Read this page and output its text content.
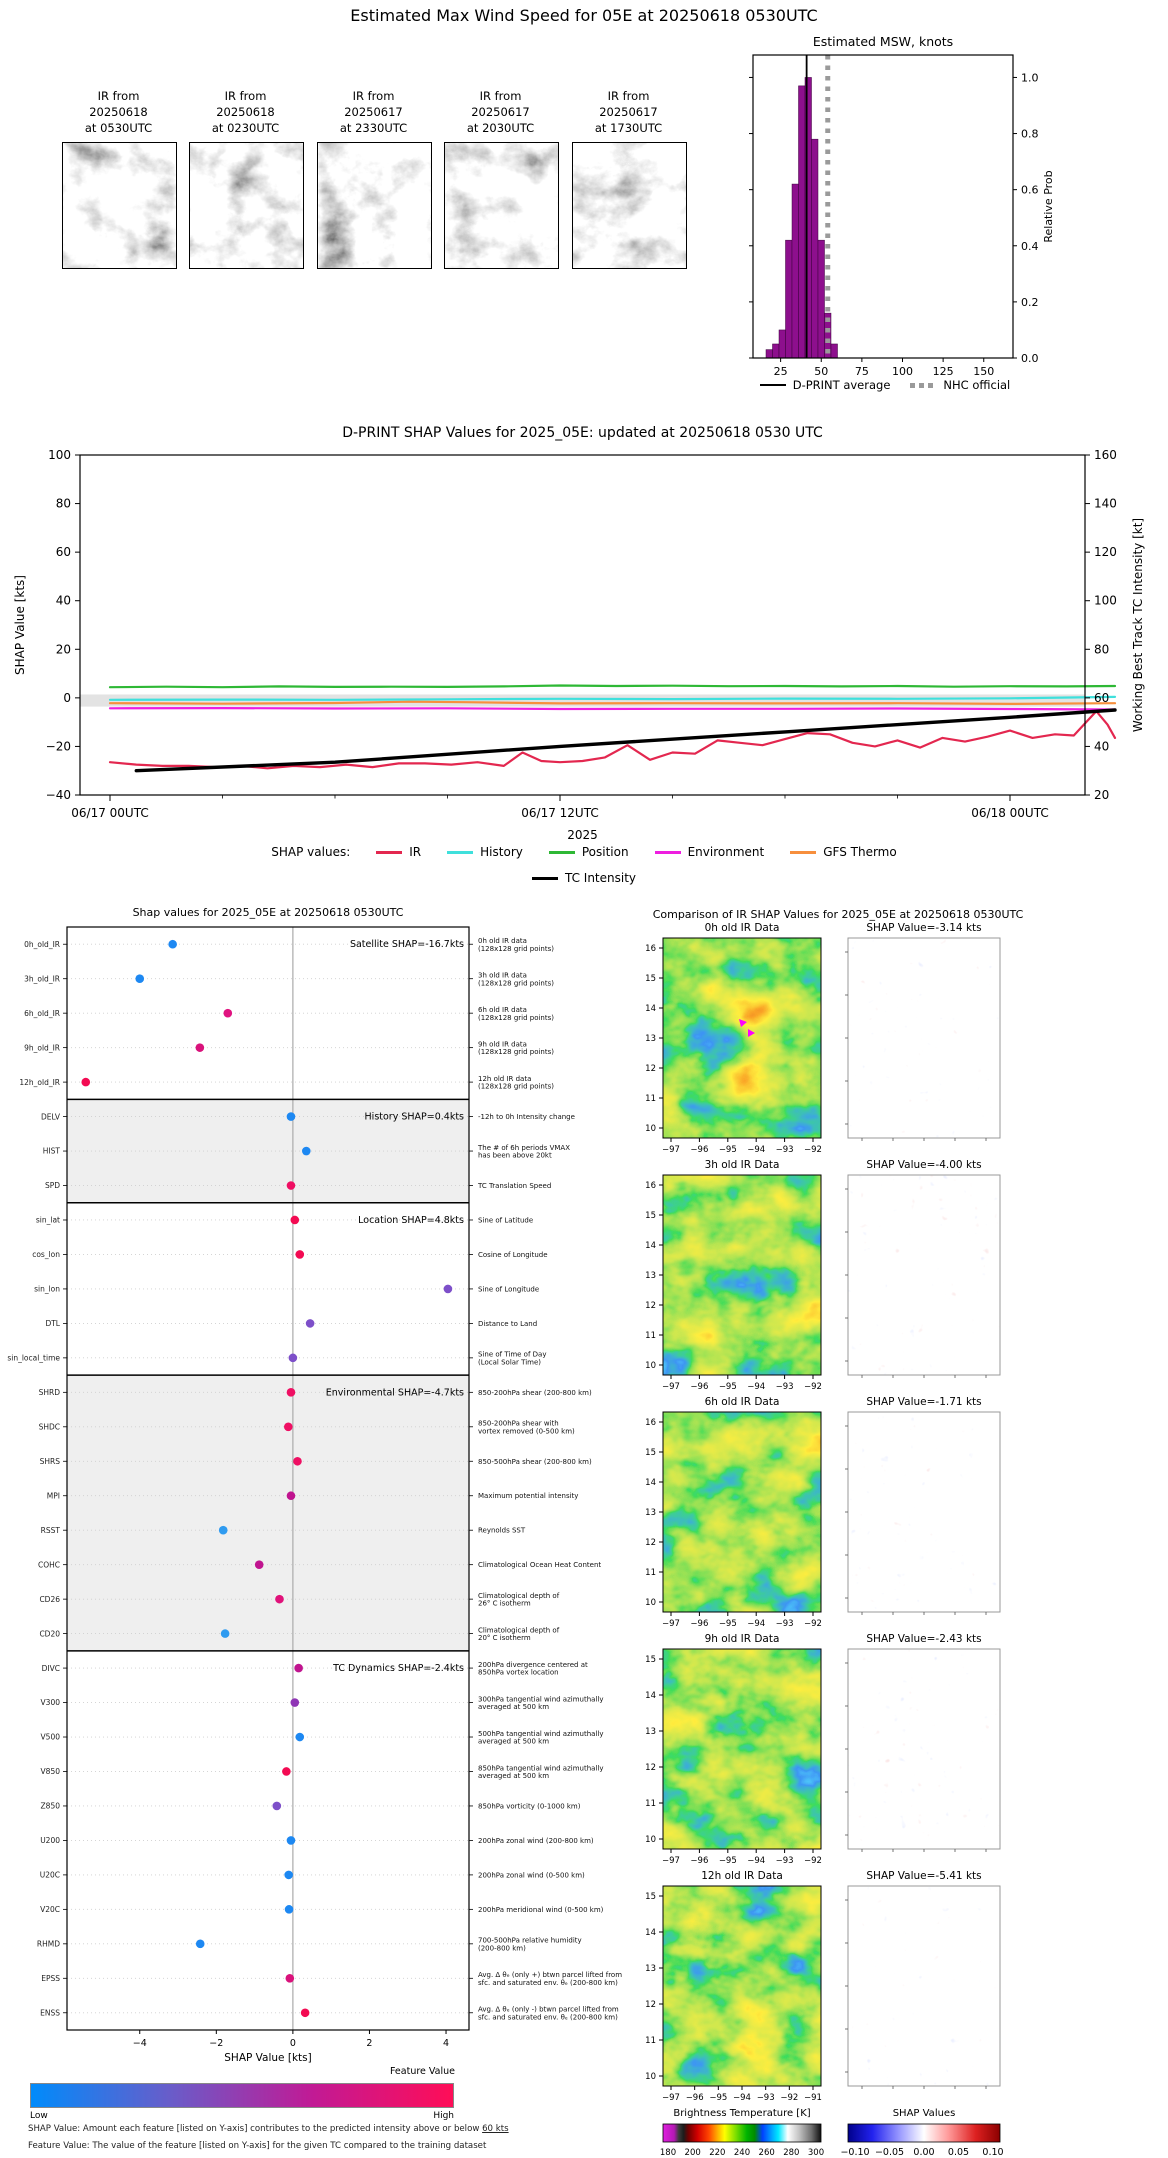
Estimated Max Wind Speed for 05E at 20250618 0530UTC
IR from
20250618
at 0530UTC
IR from
20250618
at 0230UTC
IR from
20250617
at 2330UTC
IR from
20250617
at 2030UTC
IR from
20250617
at 1730UTC
Estimated MSW, knots
0.0
0.2
0.4
0.6
0.8
1.0
25 50 75 100 125 150
Relative Prob
D-PRINT average	NHC official
D-PRINT SHAP Values for 2025_05E: updated at 20250618 0530 UTC
100
80
60
40
20
0
−20
−40
160
140
120
100
80
60
40
20
06/17 00UTC	06/17 12UTC	06/18 00UTC
2025
SHAP Value [kts]	Working Best Track TC Intensity [kt]
SHAP values:	IR	History	Position	Environment	GFS Thermo
TC Intensity
Shap values for 2025_05E at 20250618 0530UTC
0h_old_IR	0h old IR data
(128x128 grid points)
3h_old_IR	3h old IR data
(128x128 grid points)
6h_old_IR	6h old IR data
(128x128 grid points)
9h_old_IR	9h old IR data
(128x128 grid points)
12h_old_IR	12h old IR data
(128x128 grid points)
DELV	-12h to 0h Intensity change
HIST	The # of 6h periods VMAX
has been above 20kt
SPD	TC Translation Speed
sin_lat	Sine of Latitude
cos_lon	Cosine of Longitude
sin_lon	Sine of Longitude
DTL	Distance to Land
sin_local_time	Sine of Time of Day
(Local Solar Time)
SHRD	850-200hPa shear (200-800 km)
SHDC	850-200hPa shear with
vortex removed (0-500 km)
SHRS	850-500hPa shear (200-800 km)
MPI	Maximum potential intensity
RSST	Reynolds SST
COHC	Climatological Ocean Heat Content
CD26	Climatological depth of
26° C isotherm
CD20	Climatological depth of
20° C isotherm
DIVC	200hPa divergence centered at
850hPa vortex location
V300	300hPa tangential wind azimuthally
averaged at 500 km
V500	500hPa tangential wind azimuthally
averaged at 500 km
V850	850hPa tangential wind azimuthally
averaged at 500 km
Z850	850hPa vorticity (0-1000 km)
U200	200hPa zonal wind (200-800 km)
U20C	200hPa zonal wind (0-500 km)
V20C	200hPa meridional wind (0-500 km)
RHMD	700-500hPa relative humidity
(200-800 km)
EPSS	Avg. Δ θₑ (only +) btwn parcel lifted from
sfc. and saturated env. θₑ (200-800 km)
ENSS	Avg. Δ θₑ (only -) btwn parcel lifted from
sfc. and saturated env. θₑ (200-800 km)
Satellite SHAP=-16.7kts
History SHAP=0.4kts
Location SHAP=4.8kts
Environmental SHAP=-4.7kts
TC Dynamics SHAP=-2.4kts
−4	−2	0	2	4
SHAP Value [kts]
Feature Value
Low	High
SHAP Value: Amount each feature [listed on Y-axis] contributes to the predicted intensity above or below 60 kts
Feature Value: The value of the feature [listed on Y-axis] for the given TC compared to the training dataset
Comparison of IR SHAP Values for 2025_05E at 20250618 0530UTC
0h old IR Data	SHAP Value=-3.14 kts
16
15
14
13
12
11
10
−97 −96 −95 −94 −93 −92
3h old IR Data	SHAP Value=-4.00 kts
16
15
14
13
12
11
10
−97 −96 −95 −94 −93 −92
6h old IR Data	SHAP Value=-1.71 kts
16
15
14
13
12
11
10
−97 −96 −95 −94 −93 −92
9h old IR Data	SHAP Value=-2.43 kts
15
14
13
12
11
10
−97 −96 −95 −94 −93 −92
12h old IR Data	SHAP Value=-5.41 kts
15
14
13
12
11
10
−97 −96 −95 −94 −93 −92 −91
Brightness Temperature [K]
180 200 220 240 260 280 300
SHAP Values
−0.10 −0.05 0.00 0.05 0.10
